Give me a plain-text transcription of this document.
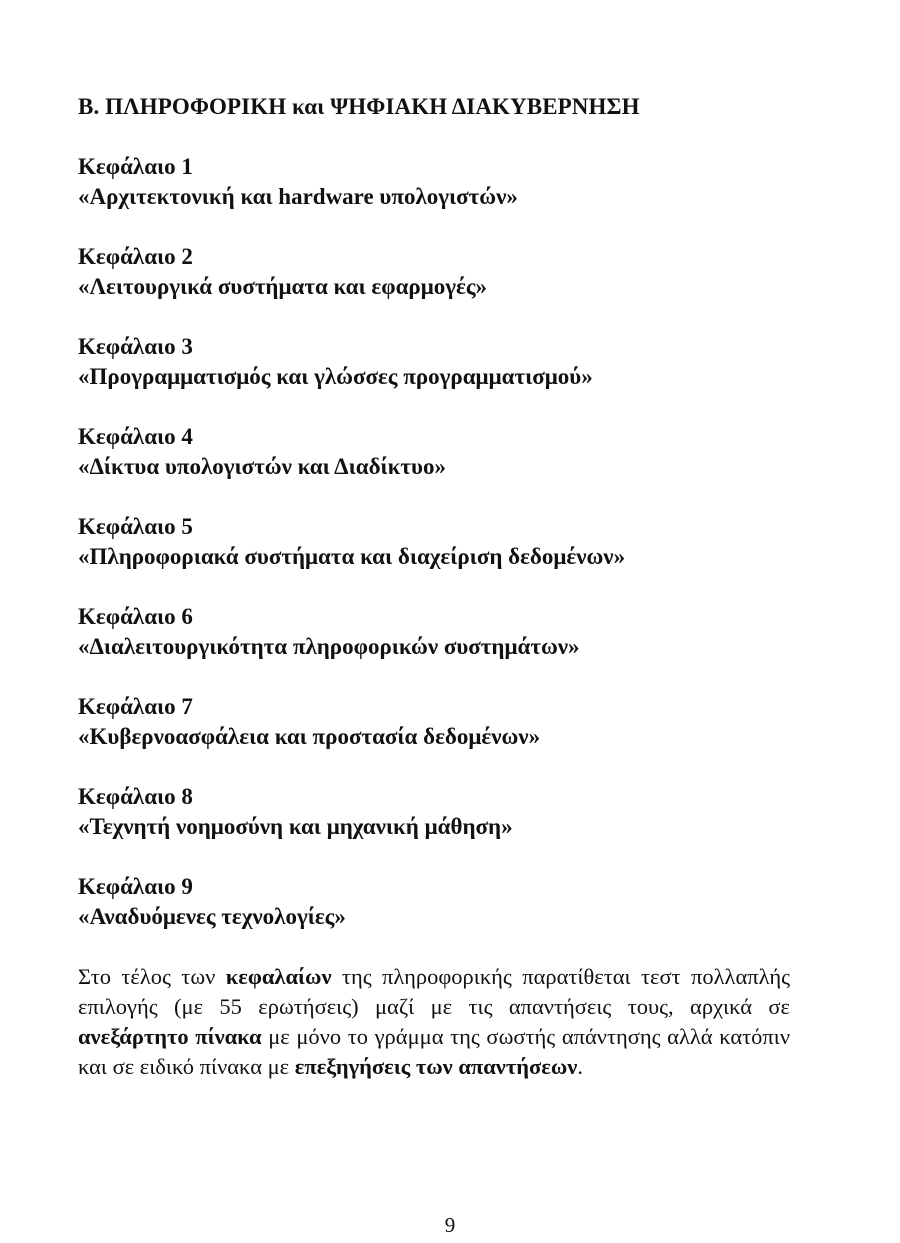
B. ΠΛΗΡΟΦΟΡΙΚΗ και ΨΗΦΙΑΚΗ ΔΙΑΚΥΒΕΡΝΗΣΗ
Κεφάλαιο 1
«Αρχιτεκτονική και hardware υπολογιστών»
Κεφάλαιο 2
«Λειτουργικά συστήματα και εφαρμογές»
Κεφάλαιο 3
«Προγραμματισμός και γλώσσες προγραμματισμού»
Κεφάλαιο 4
«Δίκτυα υπολογιστών και Διαδίκτυο»
Κεφάλαιο 5
«Πληροφοριακά συστήματα και διαχείριση δεδομένων»
Κεφάλαιο 6
«Διαλειτουργικότητα πληροφορικών συστημάτων»
Κεφάλαιο 7
«Κυβερνοασφάλεια και προστασία δεδομένων»
Κεφάλαιο 8
«Τεχνητή νοημοσύνη και μηχανική μάθηση»
Κεφάλαιο 9
«Αναδυόμενες τεχνολογίες»

Στο τέλος των κεφαλαίων της πληροφορικής παρατίθεται τεστ πολλαπλής επιλογής (με 55 ερωτήσεις) μαζί με τις απαντήσεις τους, αρχικά σε ανεξάρτητο πίνακα με μόνο το γράμμα της σωστής απάντησης αλλά κατόπιν και σε ειδικό πίνακα με επεξηγήσεις των απαντήσεων.

9
